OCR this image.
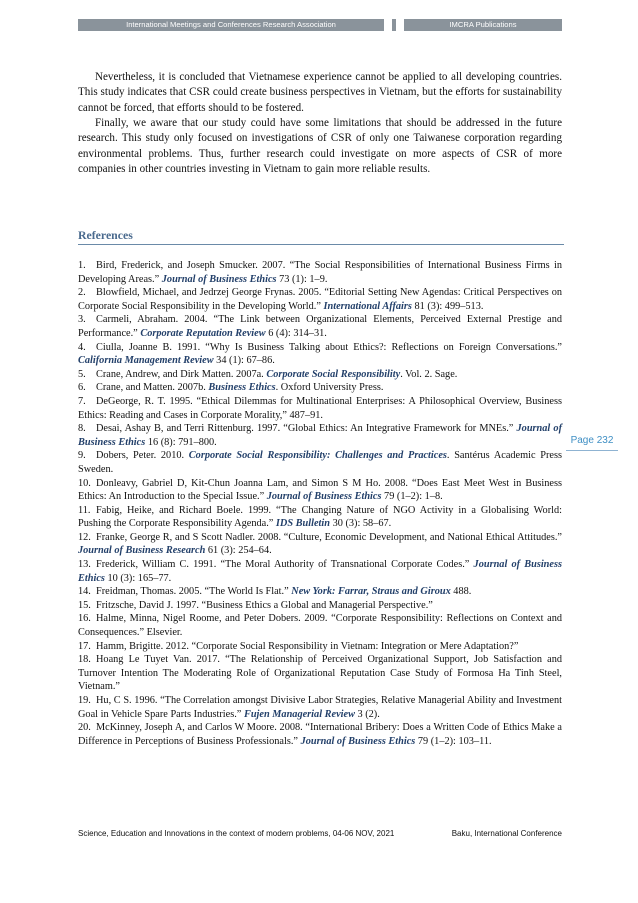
International Meetings and Conferences Research Association	IMCRA Publications

Nevertheless, it is concluded that Vietnamese experience cannot be applied to all developing countries. This study indicates that CSR could create business perspectives in Vietnam, but the efforts for sustainability cannot be forced, that efforts should to be fostered.

Finally, we aware that our study could have some limitations that should be addressed in the future research. This study only focused on investigations of CSR of only one Taiwanese corporation regarding environmental problems. Thus, further research could investigate on more aspects of CSR of more companies in other countries investing in Vietnam to gain more reliable results.

References
1. Bird, Frederick, and Joseph Smucker. 2007. “The Social Responsibilities of International Business Firms in Developing Areas.” Journal of Business Ethics 73 (1): 1–9.
2. Blowfield, Michael, and Jedrzej George Frynas. 2005. “Editorial Setting New Agendas: Critical Perspectives on Corporate Social Responsibility in the Developing World.” International Affairs 81 (3): 499–513.
3. Carmeli, Abraham. 2004. “The Link between Organizational Elements, Perceived External Prestige and Performance.” Corporate Reputation Review 6 (4): 314–31.
4. Ciulla, Joanne B. 1991. “Why Is Business Talking about Ethics?: Reflections on Foreign Conversations.” California Management Review 34 (1): 67–86.
5. Crane, Andrew, and Dirk Matten. 2007a. Corporate Social Responsibility. Vol. 2. Sage.
6. Crane, and Matten. 2007b. Business Ethics. Oxford University Press.
7. DeGeorge, R. T. 1995. “Ethical Dilemmas for Multinational Enterprises: A Philosophical Overview, Business Ethics: Reading and Cases in Corporate Morality,” 487–91.
8. Desai, Ashay B, and Terri Rittenburg. 1997. “Global Ethics: An Integrative Framework for MNEs.” Journal of Business Ethics 16 (8): 791–800.
9. Dobers, Peter. 2010. Corporate Social Responsibility: Challenges and Practices. Santérus Academic Press Sweden.
10. Donleavy, Gabriel D, Kit-Chun Joanna Lam, and Simon S M Ho. 2008. “Does East Meet West in Business Ethics: An Introduction to the Special Issue.” Journal of Business Ethics 79 (1–2): 1–8.
11. Fabig, Heike, and Richard Boele. 1999. “The Changing Nature of NGO Activity in a Globalising World: Pushing the Corporate Responsibility Agenda.” IDS Bulletin 30 (3): 58–67.
12. Franke, George R, and S Scott Nadler. 2008. “Culture, Economic Development, and National Ethical Attitudes.” Journal of Business Research 61 (3): 254–64.
13. Frederick, William C. 1991. “The Moral Authority of Transnational Corporate Codes.” Journal of Business Ethics 10 (3): 165–77.
14. Freidman, Thomas. 2005. “The World Is Flat.” New York: Farrar, Straus and Giroux 488.
15. Fritzsche, David J. 1997. “Business Ethics a Global and Managerial Perspective.”
16. Halme, Minna, Nigel Roome, and Peter Dobers. 2009. “Corporate Responsibility: Reflections on Context and Consequences.” Elsevier.
17. Hamm, Brigitte. 2012. “Corporate Social Responsibility in Vietnam: Integration or Mere Adaptation?”
18. Hoang Le Tuyet Van. 2017. “The Relationship of Perceived Organizational Support, Job Satisfaction and Turnover Intention The Moderating Role of Organizational Reputation Case Study of Formosa Ha Tinh Steel, Vietnam.”
19. Hu, C S. 1996. “The Correlation amongst Divisive Labor Strategies, Relative Managerial Ability and Investment Goal in Vehicle Spare Parts Industries.” Fujen Managerial Review 3 (2).
20. McKinney, Joseph A, and Carlos W Moore. 2008. “International Bribery: Does a Written Code of Ethics Make a Difference in Perceptions of Business Professionals.” Journal of Business Ethics 79 (1–2): 103–11.
Page 232
Science, Education and Innovations in the context of modern problems, 04-06 NOV, 2021	Baku, International Conference
